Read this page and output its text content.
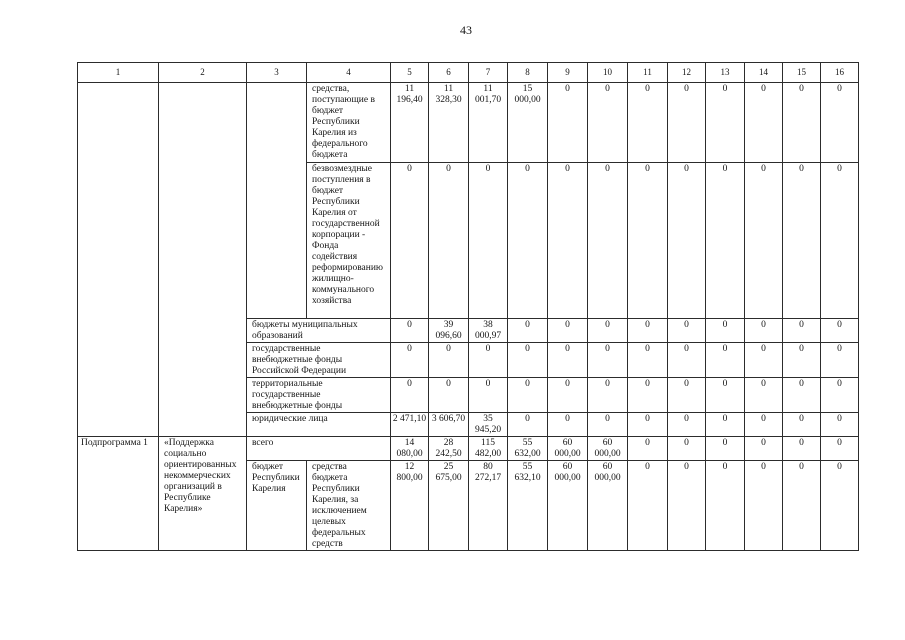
43
1	2	3	4	5	6	7	8	9	10	11	12	13	14	15	16
			средства, поступающие в бюджет Республики Карелия из федерального бюджета	11 196,40	11 328,30	11 001,70	15 000,00	0	0	0	0	0	0	0	0
			безвозмездные поступления в бюджет Республики Карелия от государственной корпорации - Фонда содействия реформированию жилищно-коммунального хозяйства	0	0	0	0	0	0	0	0	0	0	0	0
		бюджеты муниципальных образований		0	39 096,60	38 000,97	0	0	0	0	0	0	0	0	0
		государственные внебюджетные фонды Российской Федерации		0	0	0	0	0	0	0	0	0	0	0	0
		территориальные государственные внебюджетные фонды		0	0	0	0	0	0	0	0	0	0	0	0
		юридические лица		2 471,10	3 606,70	35 945,20	0	0	0	0	0	0	0	0	0
Подпрограмма 1	«Поддержка социально ориентированных некоммерческих организаций в Республике Карелия»	всего		14 080,00	28 242,50	115 482,00	55 632,00	60 000,00	60 000,00	0	0	0	0	0	0
		бюджет Республики Карелия	средства бюджета Республики Карелия, за исключением целевых федеральных средств	12 800,00	25 675,00	80 272,17	55 632,10	60 000,00	60 000,00	0	0	0	0	0	0
